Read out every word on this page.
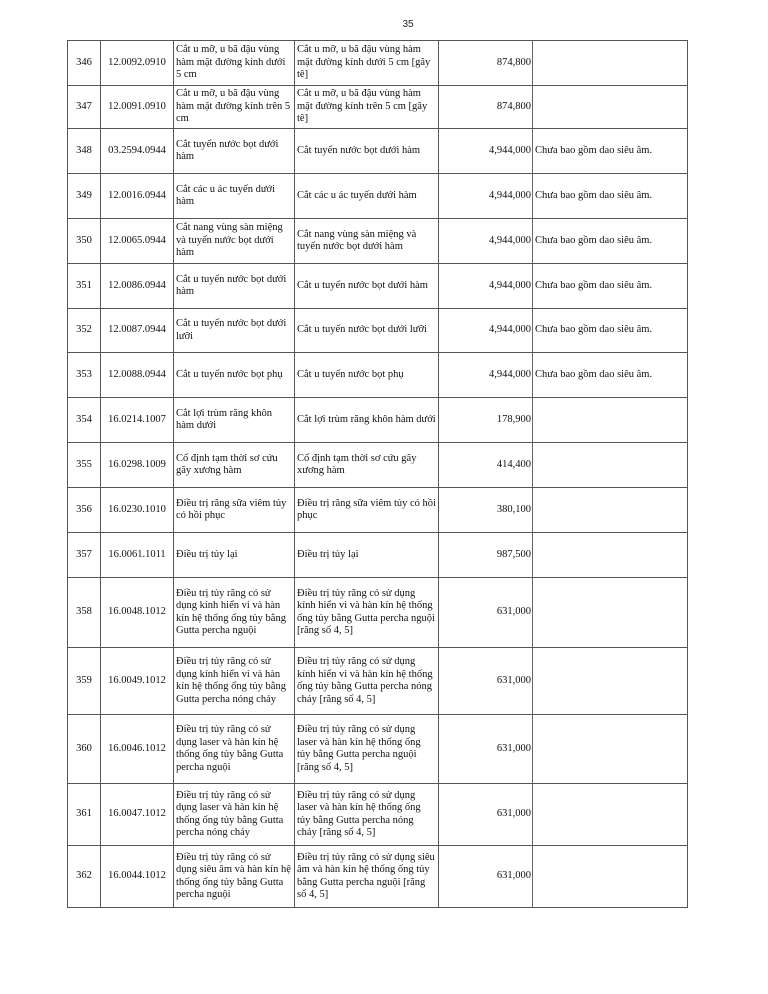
35
346	12.0092.0910	Cắt u mỡ, u bã đậu vùng hàm mặt đường kính dưới 5 cm	Cắt u mỡ, u bã đậu vùng hàm mặt đường kính dưới 5 cm [gây tê]	874,800	
347	12.0091.0910	Cắt u mỡ, u bã đậu vùng hàm mặt đường kính trên 5 cm	Cắt u mỡ, u bã đậu vùng hàm mặt đường kính trên 5 cm [gây tê]	874,800	
348	03.2594.0944	Cắt tuyến nước bọt dưới hàm	Cắt tuyến nước bọt dưới hàm	4,944,000	Chưa bao gồm dao siêu âm.
349	12.0016.0944	Cắt các u ác tuyến dưới hàm	Cắt các u ác tuyến dưới hàm	4,944,000	Chưa bao gồm dao siêu âm.
350	12.0065.0944	Cắt nang vùng sàn miệng và tuyến nước bọt dưới hàm	Cắt nang vùng sàn miệng và tuyến nước bọt dưới hàm	4,944,000	Chưa bao gồm dao siêu âm.
351	12.0086.0944	Cắt u tuyến nước bọt dưới hàm	Cắt u tuyến nước bọt dưới hàm	4,944,000	Chưa bao gồm dao siêu âm.
352	12.0087.0944	Cắt u tuyến nước bọt dưới lưỡi	Cắt u tuyến nước bọt dưới lưỡi	4,944,000	Chưa bao gồm dao siêu âm.
353	12.0088.0944	Cắt u tuyến nước bọt phụ	Cắt u tuyến nước bọt phụ	4,944,000	Chưa bao gồm dao siêu âm.
354	16.0214.1007	Cắt lợi trùm răng khôn hàm dưới	Cắt lợi trùm răng khôn hàm dưới	178,900	
355	16.0298.1009	Cố định tạm thời sơ cứu gãy xương hàm	Cố định tạm thời sơ cứu gãy xương hàm	414,400	
356	16.0230.1010	Điều trị răng sữa viêm tủy có hồi phục	Điều trị răng sữa viêm tủy có hồi phục	380,100	
357	16.0061.1011	Điều trị tủy lại	Điều trị tủy lại	987,500	
358	16.0048.1012	Điều trị tủy răng có sử dụng kính hiển vi và hàn kín hệ thống ống tủy bằng Gutta percha nguội	Điều trị tủy răng có sử dụng kính hiển vi và hàn kín hệ thống ống tủy bằng Gutta percha nguội [răng số 4, 5]	631,000	
359	16.0049.1012	Điều trị tủy răng có sử dụng kính hiển vi và hàn kín hệ thống ống tủy bằng Gutta percha nóng chảy	Điều trị tủy răng có sử dụng kính hiển vi và hàn kín hệ thống ống tủy bằng Gutta percha nóng chảy [răng số 4, 5]	631,000	
360	16.0046.1012	Điều trị tủy răng có sử dụng laser và hàn kín hệ thống ống tủy bằng Gutta percha nguội	Điều trị tủy răng có sử dụng laser và hàn kín hệ thống ống tủy bằng Gutta percha nguội [răng số 4, 5]	631,000	
361	16.0047.1012	Điều trị tủy răng có sử dụng laser và hàn kín hệ thống ống tủy bằng Gutta percha nóng chảy	Điều trị tủy răng có sử dụng laser và hàn kín hệ thống ống tủy bằng Gutta percha nóng chảy [răng số 4, 5]	631,000	
362	16.0044.1012	Điều trị tủy răng có sử dụng siêu âm và hàn kín hệ thống ống tủy bằng Gutta percha nguội	Điều trị tủy răng có sử dụng siêu âm và hàn kín hệ thống ống tủy bằng Gutta percha nguội [răng số 4, 5]	631,000	
